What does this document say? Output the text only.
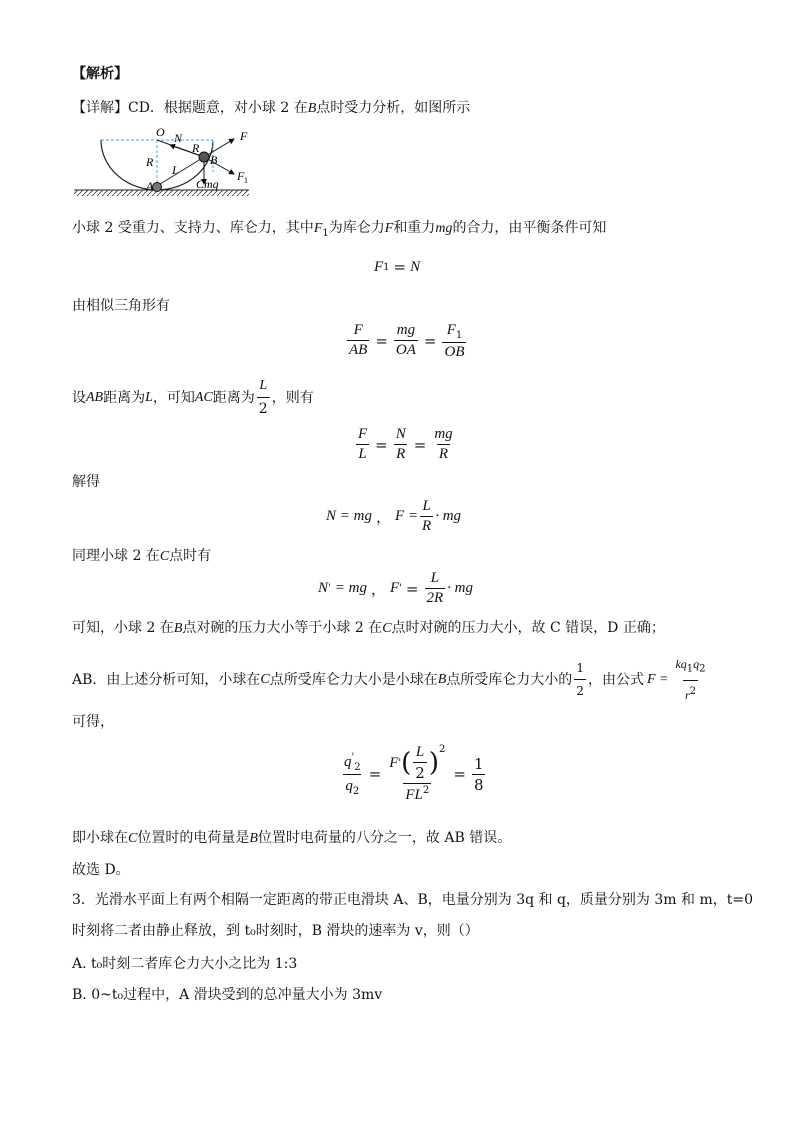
【解析】
【详解】CD．根据题意，对小球 2 在B点时受力分析，如图所示
O N	F
R
R
B
L
C mg
A
F 1
小球 2 受重力、支持力、库仑力，其中$F_1$为库仑力F和重力mg的合力，由平衡条件可知
F 1 = N
由相似三角形有
$\frac{F}{AB} = \frac{mg}{OA} = \frac{F_1}{OB}$
设 AB 距离为 L ，可知 AC 距离为 $\frac{L}{2}$ ，则有
$\frac{F}{L} = \frac{N}{R} = \frac{mg}{R}$
解得
N = mg ， $F = \frac{L}{R}$ · mg
同理小球 2 在C点时有
N ' = mg ， F ' = $\frac{L}{2R}$ · mg
可知，小球 2 在B点对碗的压力大小等于小球 2 在C点时对碗的压力大小，故 C 错误，D 正确；
AB．由上述分析可知，小球在 C 点所受库仑力大小是小球在 B 点所受库仑力大小的 $\frac{1}{2}$ ，由公式 $F = \frac{kq_1q_2}{r^2}$
可得，
$\frac{q'_2}{q_2} = \frac{F ' ( \frac{L}{2} ) 2}{FL^2} = \frac{1}{8}$
即小球在C位置时的电荷量是B位置时电荷量的八分之一，故 AB 错误。
故选 D。
3．光滑水平面上有两个相隔一定距离的带正电滑块 A、B，电量分别为 3q 和 q，质量分别为 3m 和 m，t=0
时刻将二者由静止释放，到 t₀时刻时，B 滑块的速率为 v，则（）
A. t₀时刻二者库仑力大小之比为 1:3
B. 0~t₀过程中，A 滑块受到的总冲量大小为 3mv
